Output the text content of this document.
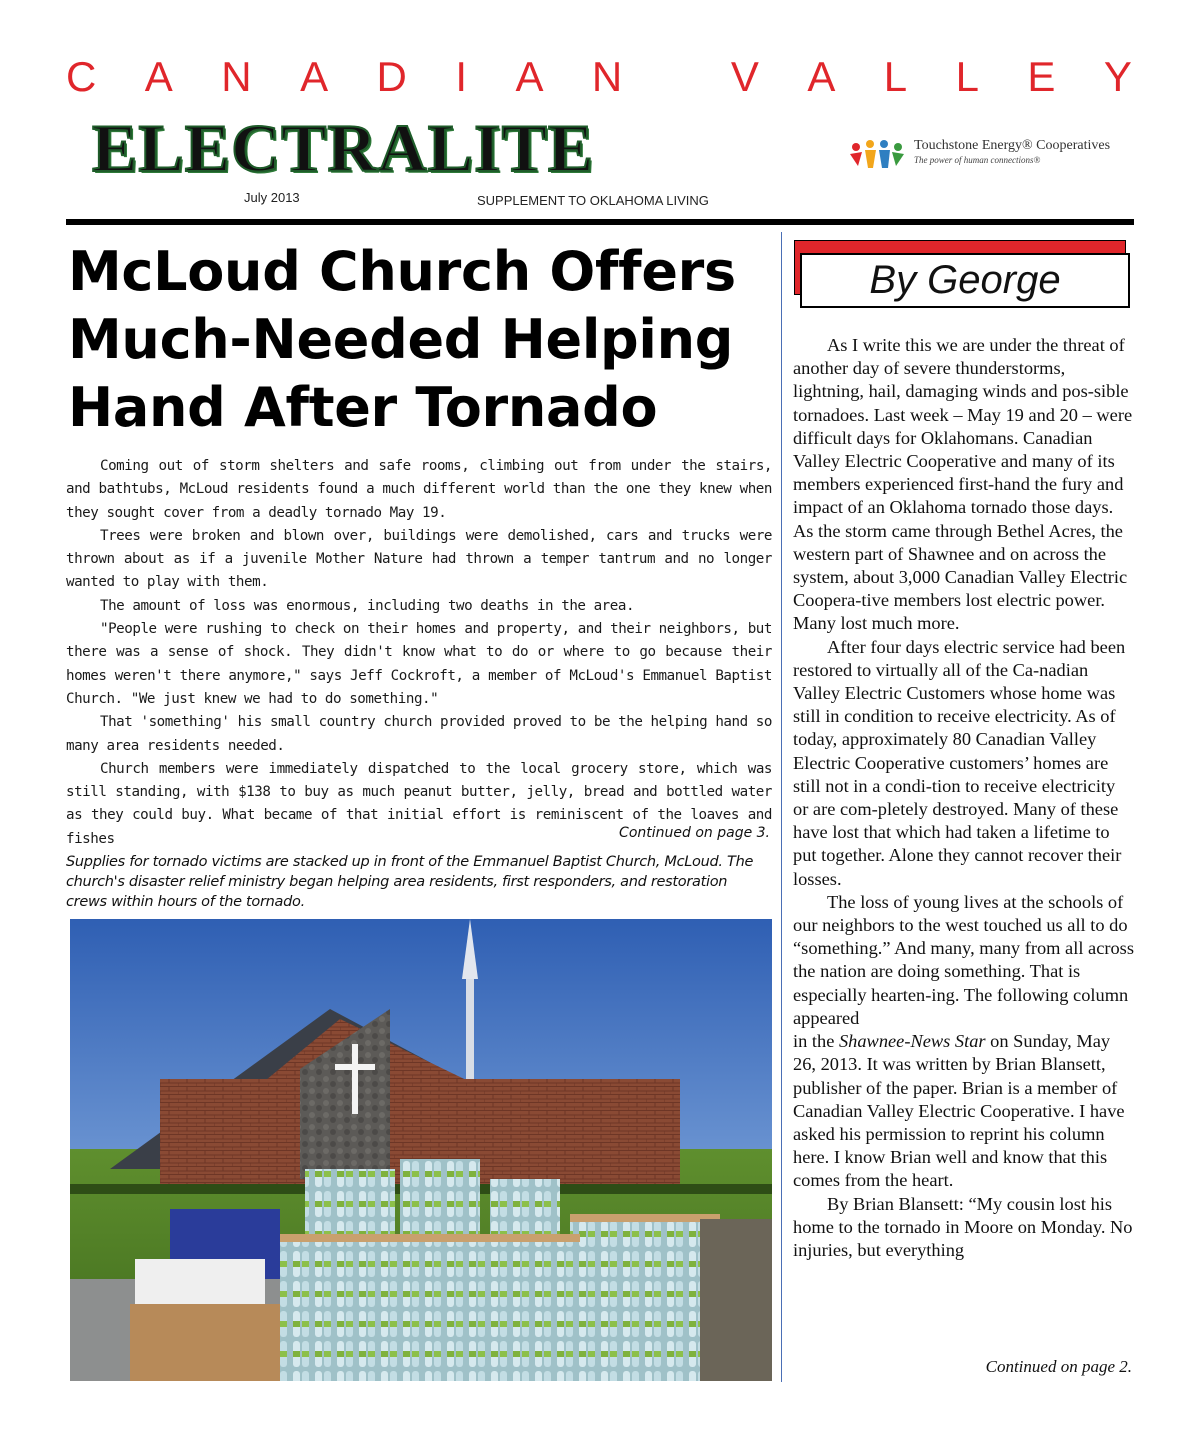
C A N A D I A N
	V A L L E Y
ELECTRALITE	Touchstone Energy® Cooperatives
The power of human connections®
July 2013	SUPPLEMENT TO OKLAHOMA LIVING
McLoud Church Offers
Much-Needed Helping
Hand After Tornado

Coming out of storm shelters and safe rooms, climbing out from under the stairs, and bathtubs, McLoud residents found a much different world than the one they knew when they sought cover from a deadly tornado May 19.

Trees were broken and blown over, buildings were demolished, cars and trucks were thrown about as if a juvenile Mother Nature had thrown a temper tantrum and no longer wanted to play with them.

The amount of loss was enormous, including two deaths in the area.

"People were rushing to check on their homes and property, and their neighbors, but there was a sense of shock. They didn't know what to do or where to go because their homes weren't there anymore," says Jeff Cockroft, a member of McLoud's Emmanuel Baptist Church. "We just knew we had to do something."

That 'something' his small country church provided proved to be the helping hand so many area residents needed.

Church members were immediately dispatched to the local grocery store, which was still standing, with $138 to buy as much peanut butter, jelly, bread and bottled water as they could buy. What became of that initial effort is reminiscent of the loaves and fishes	Continued on page 3.
Supplies for tornado victims are stacked up in front of the Emmanuel Baptist Church, McLoud. The church's disaster relief ministry began helping area residents, first responders, and restoration crews within hours of the tornado.
By George

As I write this we are under the threat of another day of severe thunderstorms, lightning, hail, damaging winds and pos-sible tornadoes. Last week – May 19 and 20 – were difficult days for Oklahomans. Canadian Valley Electric Cooperative and many of its members experienced first-hand the fury and impact of an Oklahoma tornado those days. As the storm came through Bethel Acres, the western part of Shawnee and on across the system, about 3,000 Canadian Valley Electric Coopera-tive members lost electric power. Many lost much more.

After four days electric service had been restored to virtually all of the Ca-nadian Valley Electric Customers whose home was still in condition to receive electricity. As of today, approximately 80 Canadian Valley Electric Cooperative customers’ homes are still not in a condi-tion to receive electricity or are com-pletely destroyed. Many of these have lost that which had taken a lifetime to put together. Alone they cannot recover their losses.

The loss of young lives at the schools of our neighbors to the west touched us all to do “something.” And many, many from all across the nation are doing something. That is especially hearten-ing. The following column appeared

in the Shawnee-News Star on Sunday, May 26, 2013. It was written by Brian Blansett, publisher of the paper. Brian is a member of Canadian Valley Electric Cooperative. I have asked his permission to reprint his column here. I know Brian well and know that this comes from the heart.

By Brian Blansett: “My cousin lost his home to the tornado in Moore on Monday. No injuries, but everything

Continued on page 2.
